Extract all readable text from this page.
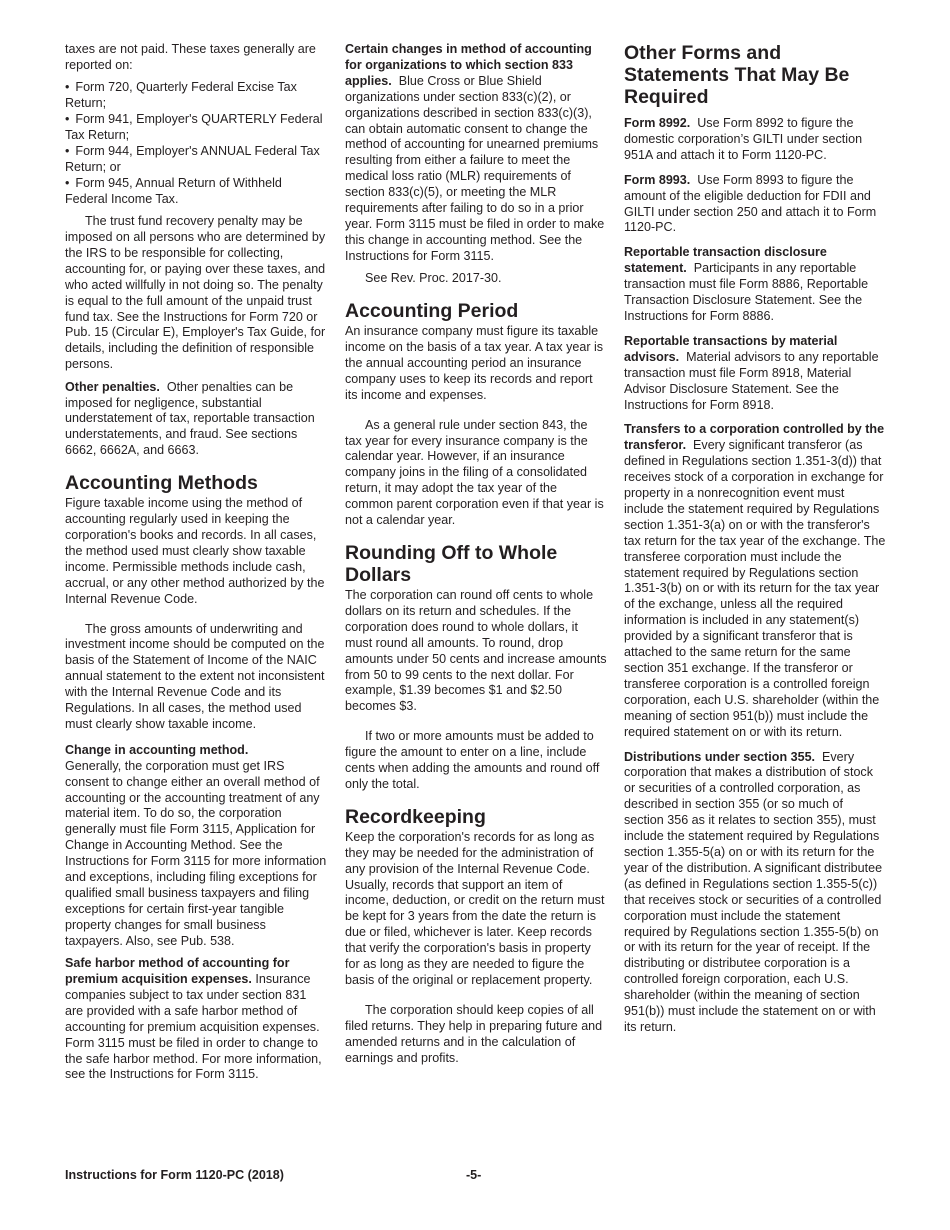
taxes are not paid. These taxes generally are reported on:

• Form 720, Quarterly Federal Excise Tax Return;
• Form 941, Employer's QUARTERLY Federal Tax Return;
• Form 944, Employer's ANNUAL Federal Tax Return; or
• Form 945, Annual Return of Withheld Federal Income Tax.

The trust fund recovery penalty may be imposed on all persons who are determined by the IRS to be responsible for collecting, accounting for, or paying over these taxes, and who acted willfully in not doing so. The penalty is equal to the full amount of the unpaid trust fund tax. See the Instructions for Form 720 or Pub. 15 (Circular E), Employer's Tax Guide, for details, including the definition of responsible persons.

Other penalties. Other penalties can be imposed for negligence, substantial understatement of tax, reportable transaction understatements, and fraud. See sections 6662, 6662A, and 6663.

Accounting Methods

Figure taxable income using the method of accounting regularly used in keeping the corporation's books and records. In all cases, the method used must clearly show taxable income. Permissible methods include cash, accrual, or any other method authorized by the Internal Revenue Code.

The gross amounts of underwriting and investment income should be computed on the basis of the Statement of Income of the NAIC annual statement to the extent not inconsistent with the Internal Revenue Code and its Regulations. In all cases, the method used must clearly show taxable income.

Change in accounting method.
Generally, the corporation must get IRS consent to change either an overall method of accounting or the accounting treatment of any material item. To do so, the corporation generally must file Form 3115, Application for Change in Accounting Method. See the Instructions for Form 3115 for more information and exceptions, including filing exceptions for qualified small business taxpayers and filing exceptions for certain first-year tangible property changes for small business taxpayers. Also, see Pub. 538.

Safe harbor method of accounting for premium acquisition expenses. Insurance companies subject to tax under section 831 are provided with a safe harbor method of accounting for premium acquisition expenses. Form 3115 must be filed in order to change to the safe harbor method. For more information, see the Instructions for Form 3115.

Certain changes in method of accounting for organizations to which section 833 applies. Blue Cross or Blue Shield organizations under section 833(c)(2), or organizations described in section 833(c)(3), can obtain automatic consent to change the method of accounting for unearned premiums resulting from either a failure to meet the medical loss ratio (MLR) requirements of section 833(c)(5), or meeting the MLR requirements after failing to do so in a prior year. Form 3115 must be filed in order to make this change in accounting method. See the Instructions for Form 3115.

See Rev. Proc. 2017-30.

Accounting Period

An insurance company must figure its taxable income on the basis of a tax year. A tax year is the annual accounting period an insurance company uses to keep its records and report its income and expenses.

As a general rule under section 843, the tax year for every insurance company is the calendar year. However, if an insurance company joins in the filing of a consolidated return, it may adopt the tax year of the common parent corporation even if that year is not a calendar year.

Rounding Off to Whole Dollars

The corporation can round off cents to whole dollars on its return and schedules. If the corporation does round to whole dollars, it must round all amounts. To round, drop amounts under 50 cents and increase amounts from 50 to 99 cents to the next dollar. For example, $1.39 becomes $1 and $2.50 becomes $3.

If two or more amounts must be added to figure the amount to enter on a line, include cents when adding the amounts and round off only the total.

Recordkeeping

Keep the corporation's records for as long as they may be needed for the administration of any provision of the Internal Revenue Code. Usually, records that support an item of income, deduction, or credit on the return must be kept for 3 years from the date the return is due or filed, whichever is later. Keep records that verify the corporation's basis in property for as long as they are needed to figure the basis of the original or replacement property.

The corporation should keep copies of all filed returns. They help in preparing future and amended returns and in the calculation of earnings and profits.

Other Forms and Statements That May Be Required

Form 8992. Use Form 8992 to figure the domestic corporation’s GILTI under section 951A and attach it to Form 1120-PC.

Form 8993. Use Form 8993 to figure the amount of the eligible deduction for FDII and GILTI under section 250 and attach it to Form 1120-PC.

Reportable transaction disclosure statement. Participants in any reportable transaction must file Form 8886, Reportable Transaction Disclosure Statement. See the Instructions for Form 8886.

Reportable transactions by material advisors. Material advisors to any reportable transaction must file Form 8918, Material Advisor Disclosure Statement. See the Instructions for Form 8918.

Transfers to a corporation controlled by the transferor. Every significant transferor (as defined in Regulations section 1.351-3(d)) that receives stock of a corporation in exchange for property in a nonrecognition event must include the statement required by Regulations section 1.351-3(a) on or with the transferor's tax return for the tax year of the exchange. The transferee corporation must include the statement required by Regulations section 1.351-3(b) on or with its return for the tax year of the exchange, unless all the required information is included in any statement(s) provided by a significant transferor that is attached to the same return for the same section 351 exchange. If the transferor or transferee corporation is a controlled foreign corporation, each U.S. shareholder (within the meaning of section 951(b)) must include the required statement on or with its return.

Distributions under section 355. Every corporation that makes a distribution of stock or securities of a controlled corporation, as described in section 355 (or so much of section 356 as it relates to section 355), must include the statement required by Regulations section 1.355-5(a) on or with its return for the year of the distribution. A significant distributee (as defined in Regulations section 1.355-5(c)) that receives stock or securities of a controlled corporation must include the statement required by Regulations section 1.355-5(b) on or with its return for the year of receipt. If the distributing or distributee corporation is a controlled foreign corporation, each U.S. shareholder (within the meaning of section 951(b)) must include the statement on or with its return.

Instructions for Form 1120-PC (2018)	-5-
